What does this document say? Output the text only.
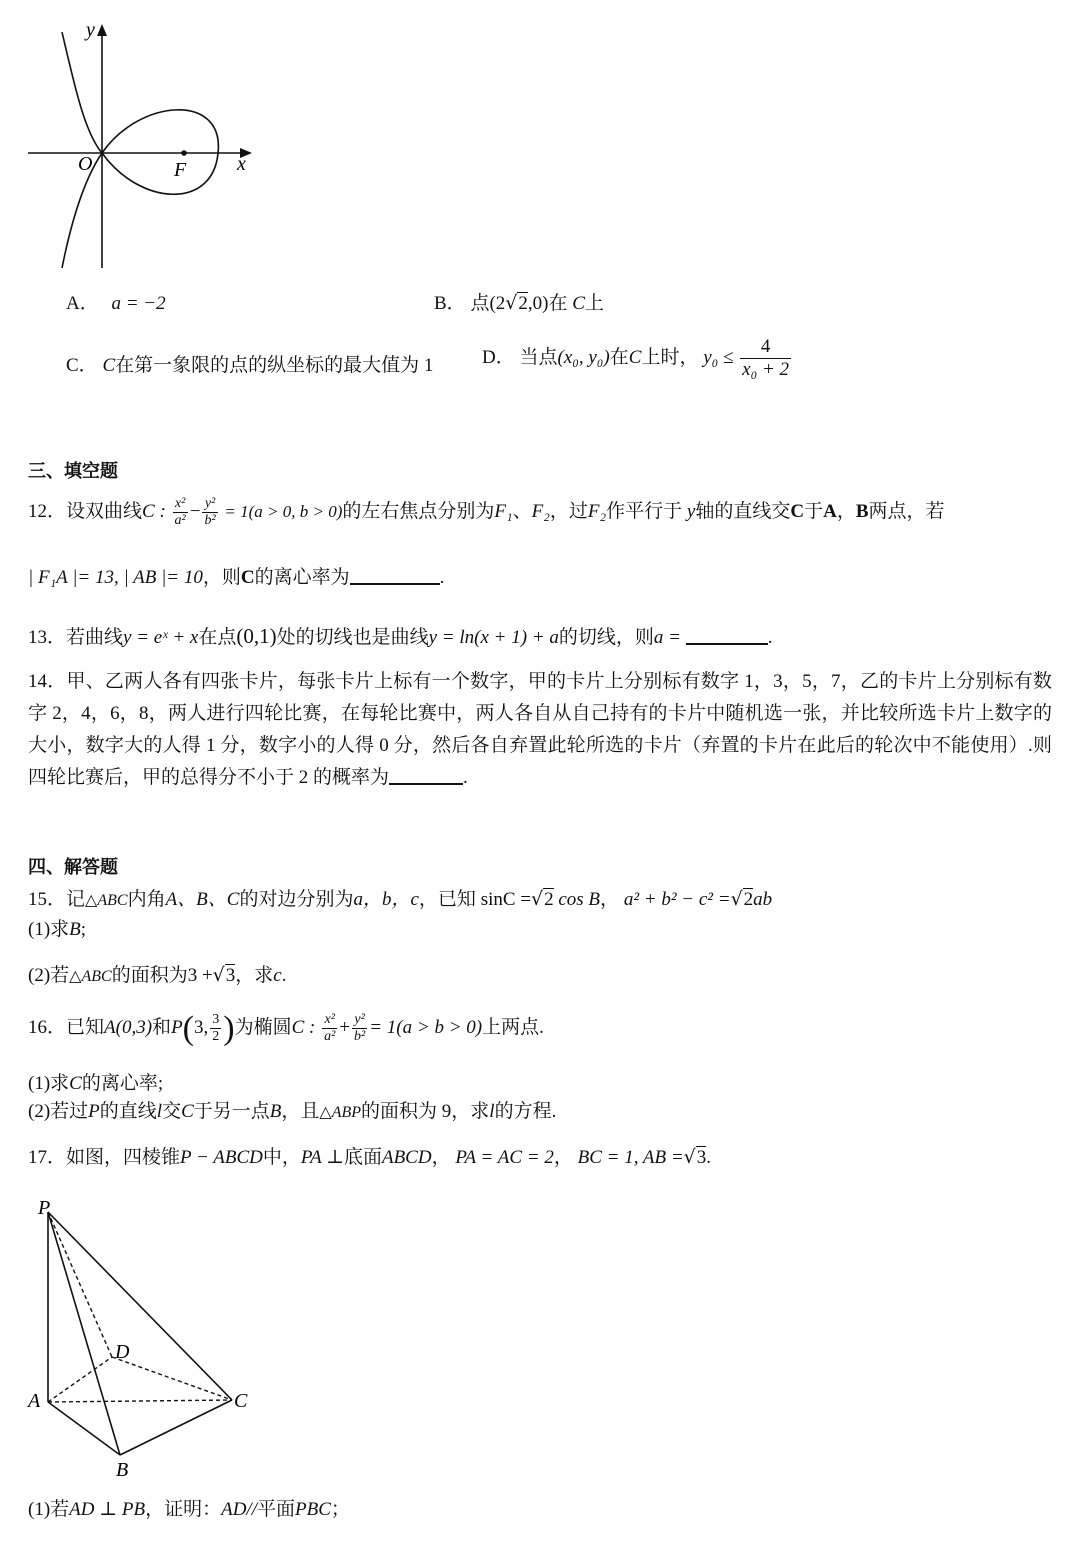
y
O	F	x
A． a = −2	B． 点(2√2,0)在 C上
C． C在第一象限的点的纵坐标的最大值为 1	D． 当点(x₀, y₀)在C上时， $y_0 \le \frac{4}{\text{x₀ + 2}}$
三、填空题
12．设双曲线C : $\frac{\text{x²}}{\text{a²}} - \frac{\text{y²}}{\text{b²}} = 1(a > 0$, b > 0)的左右焦点分别为F₁、F₂，过F₂作平行于 y轴的直线交C于A，B两点，若
| F₁A |= 13, | AB |= 10，则C的离心率为	.
13．若曲线y = eˣ + x在点(0,1)处的切线也是曲线y = ln(x + 1) + a的切线，则a =	.
14．甲、乙两人各有四张卡片，每张卡片上标有一个数字，甲的卡片上分别标有数字 1，3，5，7，乙的卡片上分别标有数字 2，4，6，8，两人进行四轮比赛，在每轮比赛中，两人各自从自己持有的卡片中随机选一张，并比较所选卡片上数字的大小，数字大的人得 1 分，数字小的人得 0 分，然后各自弃置此轮所选的卡片（弃置的卡片在此后的轮次中不能使用）.则四轮比赛后，甲的总得分不小于 2 的概率为	.
四、解答题
15．记△ABC内角A、B、C的对边分别为a，b，c，已知 sinC =√2 cos B， a² + b² − c² =√2ab
(1)求B;
(2)若△ABC的面积为3 +√3，求c.
16．已知A(0,3)和P(3, $\frac{3}{2}$ )为椭圆C : $\frac{\text{x²}}{\text{a²}} + \frac{\text{y²}}{\text{b²}} = 1(a > b > 0)$上两点.
(1)求C的离心率;
(2)若过P的直线l交C于另一点B，且△ABP的面积为 9，求l的方程.
17．如图，四棱锥P − ABCD中，PA ⊥底面ABCD， PA = AC = 2， BC = 1, AB =√3.
P
D
A	C
B
(1)若AD ⊥ PB，证明：AD//平面PBC；
